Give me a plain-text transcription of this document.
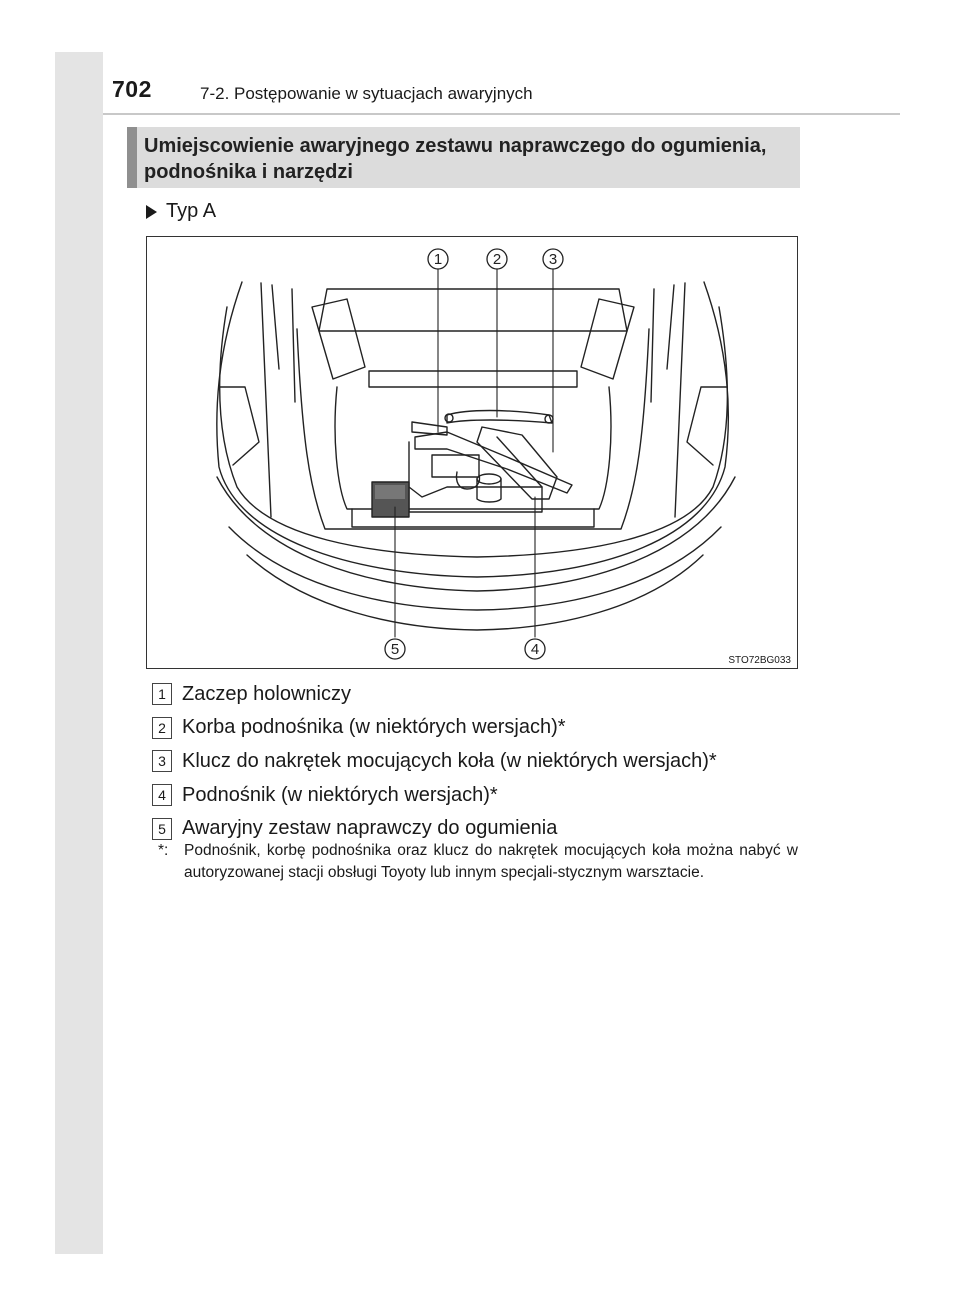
702	7-2. Postępowanie w sytuacjach awaryjnych
Umiejscowienie awaryjnego zestawu naprawczego do ogumienia, podnośnika i narzędzi
Typ A
1	2	3
4
5
STO72BG033
1 Zaczep holowniczy
2 Korba podnośnika (w niektórych wersjach)*
3 Klucz do nakrętek mocujących koła (w niektórych wersjach)*
4 Podnośnik (w niektórych wersjach)*
5 Awaryjny zestaw naprawczy do ogumienia
*:	Podnośnik, korbę podnośnika oraz klucz do nakrętek mocujących koła można nabyć w autoryzowanej stacji obsługi Toyoty lub innym specjali-stycznym warsztacie.
